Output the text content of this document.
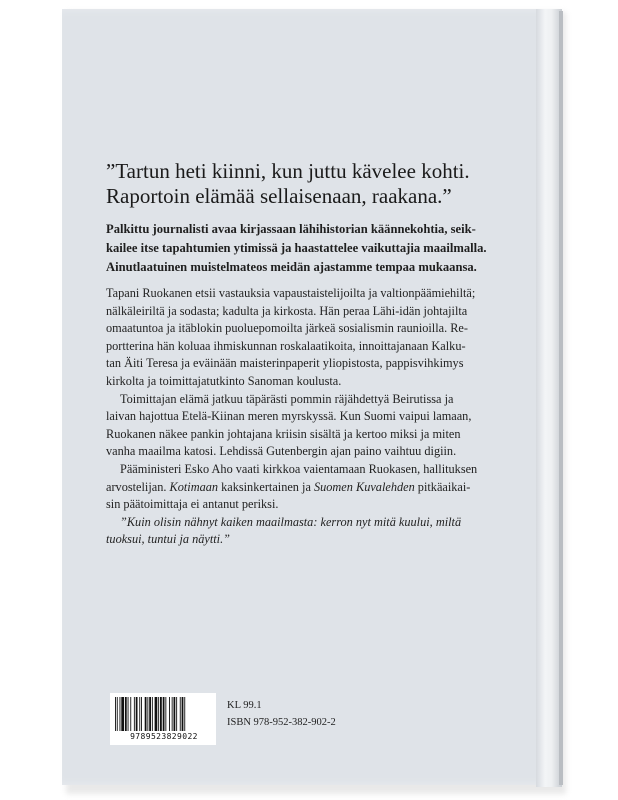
”Tartun heti kiinni, kun juttu kävelee kohti.
Raportoin elämää sellaisenaan, raakana.”
Palkittu journalisti avaa kirjassaan lähihistorian käännekohtia, seik-
kailee itse tapahtumien ytimissä ja haastattelee vaikuttajia maailmalla.
Ainutlaatuinen muistelmateos meidän ajastamme tempaa mukaansa.
Tapani Ruokanen etsii vastauksia vapaustaistelijoilta ja valtionpäämiehiltä;
nälkäleiriltä ja sodasta; kadulta ja kirkosta. Hän peraa Lähi-idän johtajilta
omaatuntoa ja itäblokin puoluepomoilta järkeä sosialismin raunioilla. Re-
portterina hän koluaa ihmiskunnan roskalaatikoita, innoittajanaan Kalku-
tan Äiti Teresa ja eväinään maisterinpaperit yliopistosta, pappisvihkimys
kirkolta ja toimittajatutkinto Sanoman koulusta.
Toimittajan elämä jatkuu täpärästi pommin räjähdettyä Beirutissa ja
laivan hajottua Etelä-Kiinan meren myrskyssä. Kun Suomi vaipui lamaan,
Ruokanen näkee pankin johtajana kriisin sisältä ja kertoo miksi ja miten
vanha maailma katosi. Lehdissä Gutenbergin ajan paino vaihtuu digiin.
Pääministeri Esko Aho vaati kirkkoa vaientamaan Ruokasen, hallituksen
arvostelijan. Kotimaan kaksinkertainen ja Suomen Kuvalehden pitkäaikai-
sin päätoimittaja ei antanut periksi.
”Kuin olisin nähnyt kaiken maailmasta: kerron nyt mitä kuului, miltä
tuoksui, tuntui ja näytti.”
9789523829022
KL 99.1
ISBN 978-952-382-902-2
